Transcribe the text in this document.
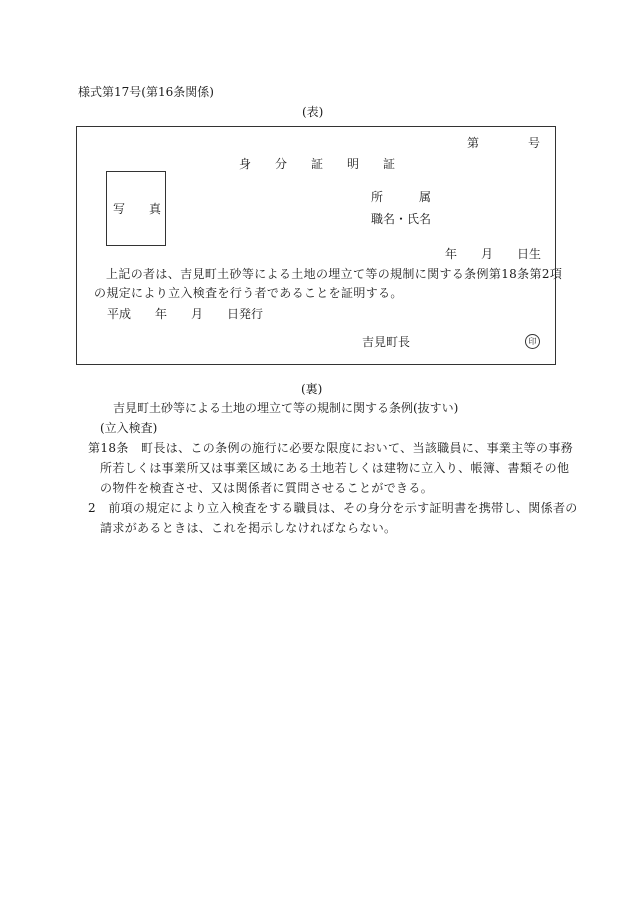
様式第17号(第16条関係)
(表)
第	号
身　　分　　証　　明　　証
写　　真
所　　　属
職名・氏名
年　　月　　日生
上記の者は、吉見町土砂等による土地の埋立て等の規制に関する条例第18条第2項
の規定により立入検査を行う者であることを証明する。
平成　　年　　月　　日発行
吉見町長	印
(裏)
吉見町土砂等による土地の埋立て等の規制に関する条例(抜すい)
(立入検査)
第18条　町長は、この条例の施行に必要な限度において、当該職員に、事業主等の事務
所若しくは事業所又は事業区域にある土地若しくは建物に立入り、帳簿、書類その他
の物件を検査させ、又は関係者に質問させることができる。
2　前項の規定により立入検査をする職員は、その身分を示す証明書を携帯し、関係者の
請求があるときは、これを掲示しなければならない。
